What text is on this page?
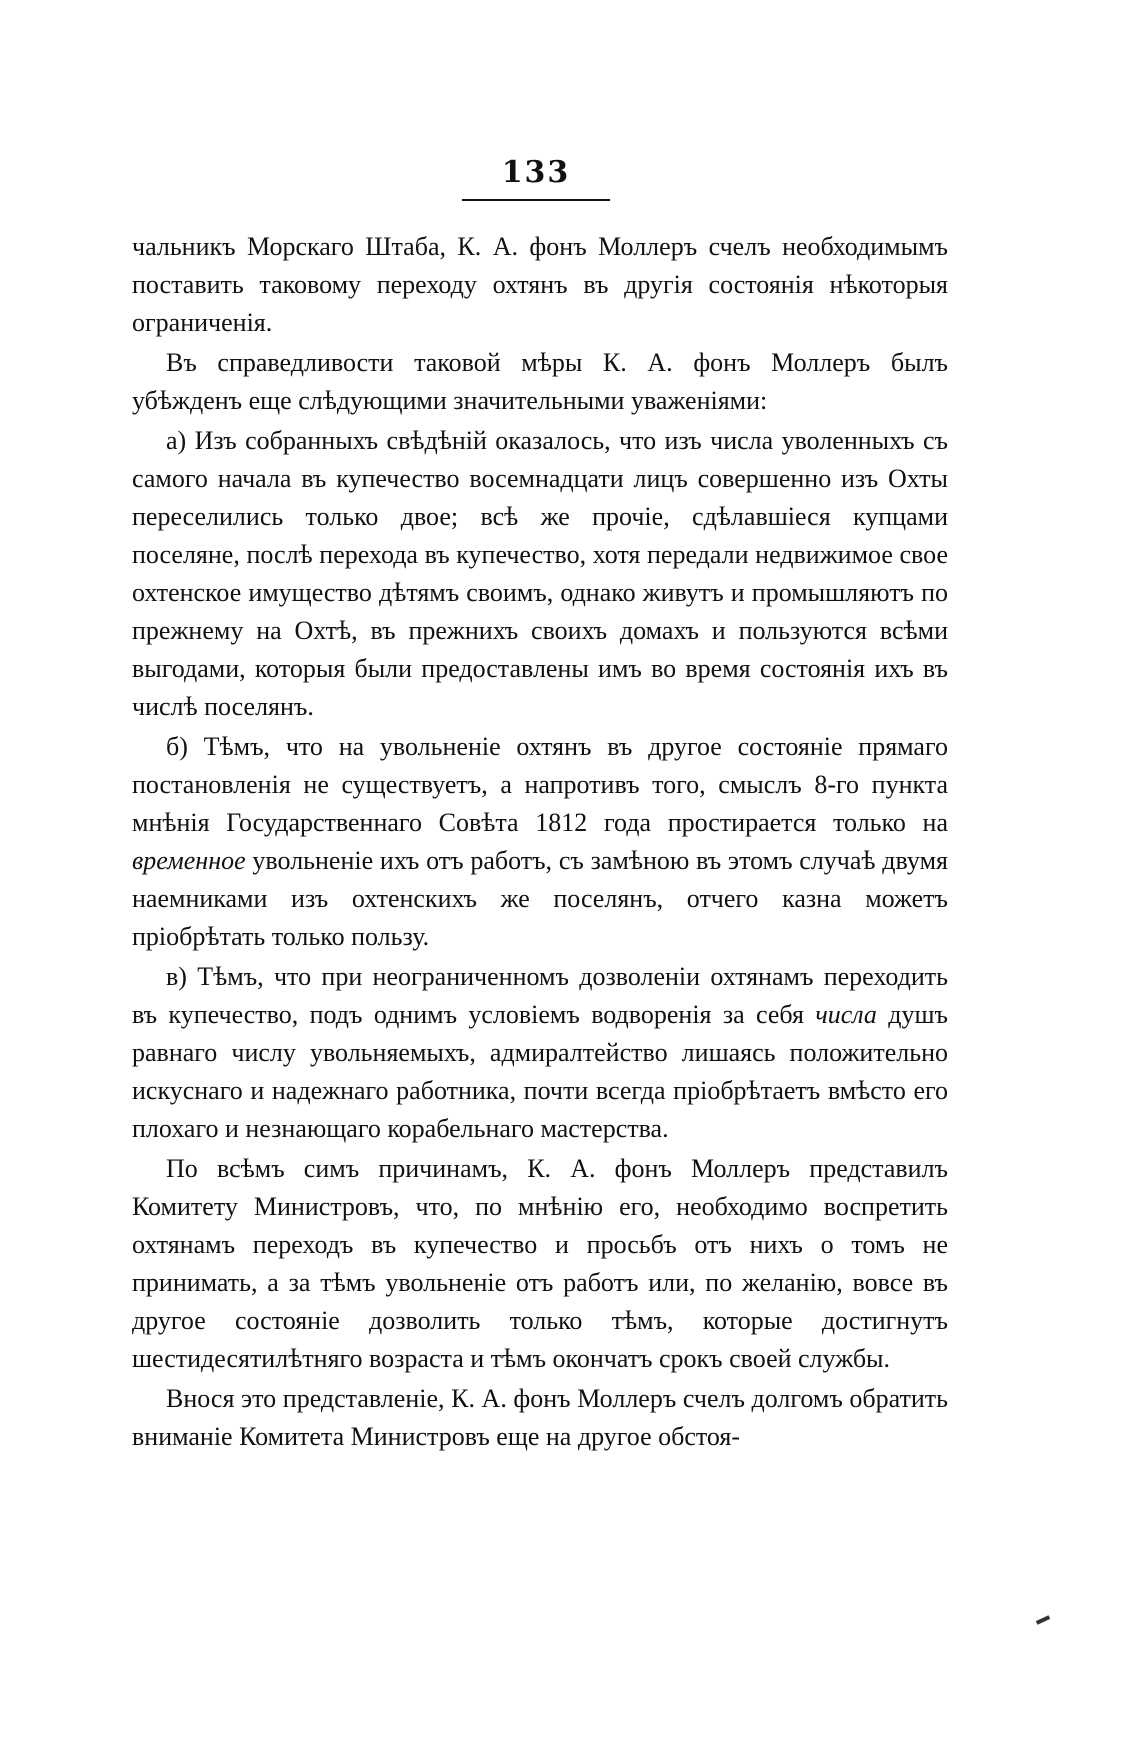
133

чальникъ Морскаго Штаба, К. А. фонъ Моллеръ счелъ необходимымъ поставить таковому переходу охтянъ въ другія состоянія нѣкоторыя ограниченія.

Въ справедливости таковой мѣры К. А. фонъ Моллеръ былъ убѣжденъ еще слѣдующими значительными уваженіями:

а) Изъ собранныхъ свѣдѣній оказалось, что изъ числа уволенныхъ съ самого начала въ купечество восемнадцати лицъ совершенно изъ Охты переселились только двое; всѣ же прочіе, сдѣлавшіеся купцами поселяне, послѣ перехода въ купечество, хотя передали недвижимое свое охтенское имущество дѣтямъ своимъ, однако живутъ и промышляютъ по прежнему на Охтѣ, въ прежнихъ своихъ домахъ и пользуются всѣми выгодами, которыя были предоставлены имъ во время состоянія ихъ въ числѣ поселянъ.

б) Тѣмъ, что на увольненіе охтянъ въ другое состояніе прямаго постановленія не существуетъ, а напротивъ того, смыслъ 8-го пункта мнѣнія Государственнаго Совѣта 1812 года простирается только на временное увольненіе ихъ отъ работъ, съ замѣною въ этомъ случаѣ двумя наемниками изъ охтенскихъ же поселянъ, отчего казна можетъ пріобрѣтать только пользу.

в) Тѣмъ, что при неограниченномъ дозволеніи охтянамъ переходить въ купечество, подъ однимъ условіемъ водворенія за себя числа душъ равнаго числу увольняемыхъ, адмиралтейство лишаясь положительно искуснаго и надежнаго работника, почти всегда пріобрѣтаетъ вмѣсто его плохаго и незнающаго корабельнаго мастерства.

По всѣмъ симъ причинамъ, К. А. фонъ Моллеръ представилъ Комитету Министровъ, что, по мнѣнію его, необходимо воспретить охтянамъ переходъ въ купечество и просьбъ отъ нихъ о томъ не принимать, а за тѣмъ увольненіе отъ работъ или, по желанію, вовсе въ другое состояніе дозволить только тѣмъ, которые достигнутъ шестидесятилѣтняго возраста и тѣмъ окончатъ срокъ своей службы.

Внося это представленіе, К. А. фонъ Моллеръ счелъ долгомъ обратить вниманіе Комитета Министровъ еще на другое обстоя-
